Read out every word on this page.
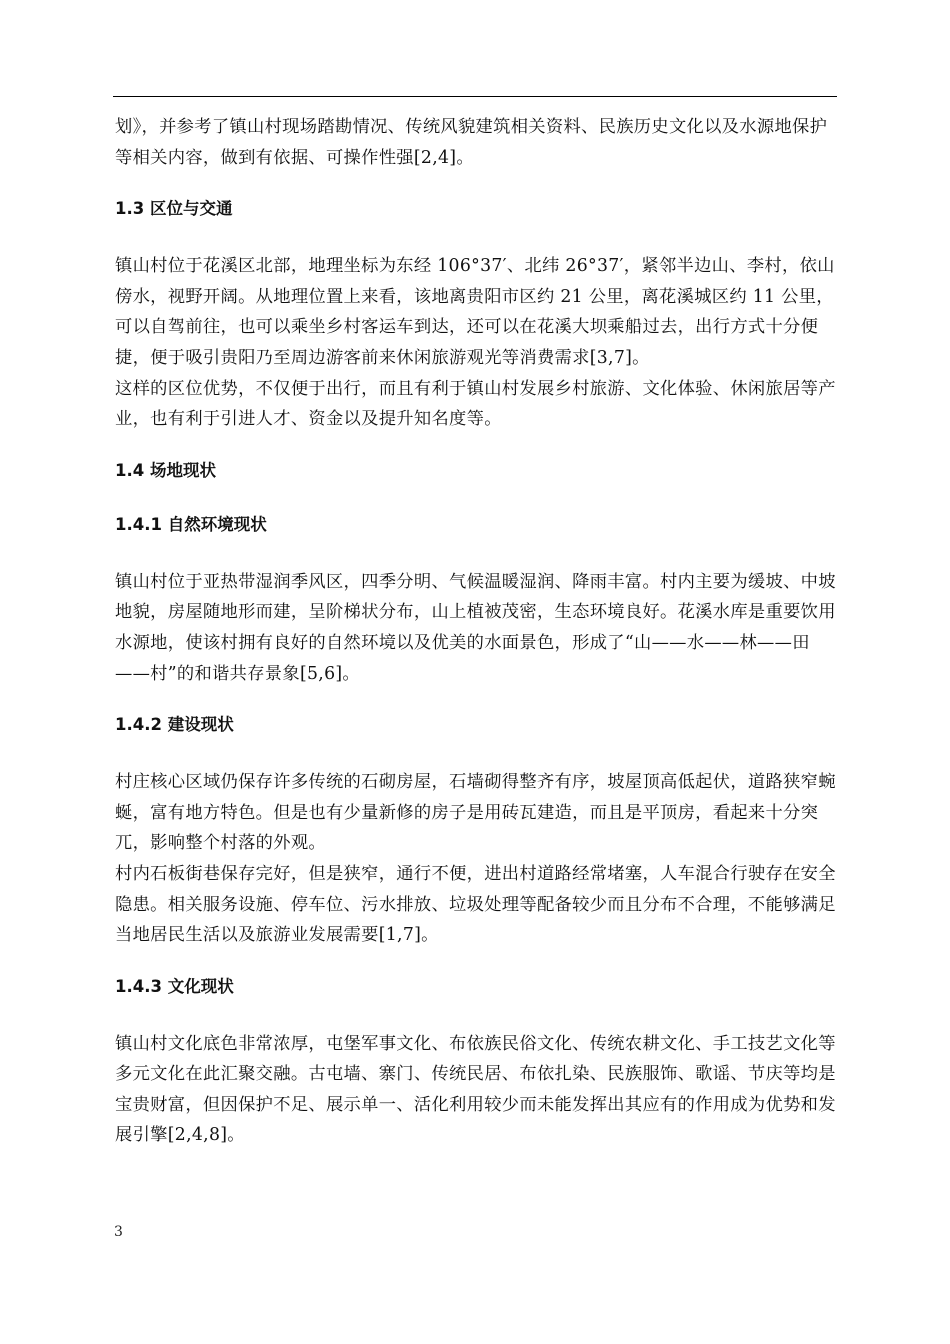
划》，并参考了镇山村现场踏勘情况、传统风貌建筑相关资料、民族历史文化以及水源地保护等相关内容，做到有依据、可操作性强[2,4]。

1.3 区位与交通

镇山村位于花溪区北部，地理坐标为东经 106°37′、北纬 26°37′，紧邻半边山、李村，依山傍水，视野开阔。从地理位置上来看，该地离贵阳市区约 21 公里，离花溪城区约 11 公里，可以自驾前往，也可以乘坐乡村客运车到达，还可以在花溪大坝乘船过去，出行方式十分便捷，便于吸引贵阳乃至周边游客前来休闲旅游观光等消费需求[3,7]。

这样的区位优势，不仅便于出行，而且有利于镇山村发展乡村旅游、文化体验、休闲旅居等产业，也有利于引进人才、资金以及提升知名度等。

1.4 场地现状

1.4.1 自然环境现状

镇山村位于亚热带湿润季风区，四季分明、气候温暖湿润、降雨丰富。村内主要为缓坡、中坡地貌，房屋随地形而建，呈阶梯状分布，山上植被茂密，生态环境良好。花溪水库是重要饮用水源地，使该村拥有良好的自然环境以及优美的水面景色，形成了“山——水——林——田——村”的和谐共存景象[5,6]。

1.4.2 建设现状

村庄核心区域仍保存许多传统的石砌房屋，石墙砌得整齐有序，坡屋顶高低起伏，道路狭窄蜿蜒，富有地方特色。但是也有少量新修的房子是用砖瓦建造，而且是平顶房，看起来十分突兀，影响整个村落的外观。

村内石板街巷保存完好，但是狭窄，通行不便，进出村道路经常堵塞，人车混合行驶存在安全隐患。相关服务设施、停车位、污水排放、垃圾处理等配备较少而且分布不合理，不能够满足当地居民生活以及旅游业发展需要[1,7]。

1.4.3 文化现状

镇山村文化底色非常浓厚，屯堡军事文化、布依族民俗文化、传统农耕文化、手工技艺文化等多元文化在此汇聚交融。古屯墙、寨门、传统民居、布依扎染、民族服饰、歌谣、节庆等均是宝贵财富，但因保护不足、展示单一、活化利用较少而未能发挥出其应有的作用成为优势和发展引擎[2,4,8]。

3
